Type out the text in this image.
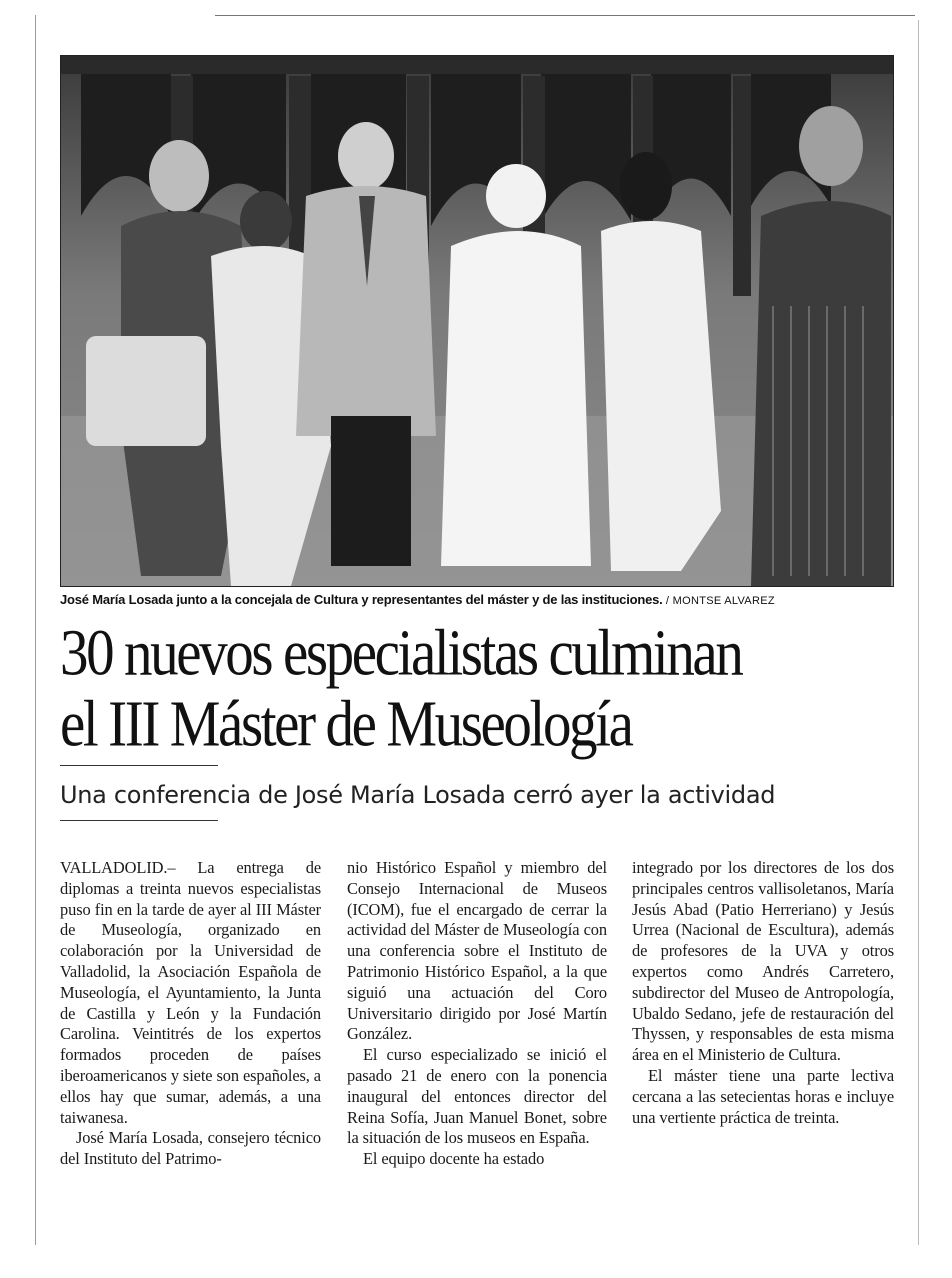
José María Losada junto a la concejala de Cultura y representantes del máster y de las instituciones. / MONTSE ALVAREZ
30 nuevos especialistas culminan
el III Máster de Museología
Una conferencia de José María Losada cerró ayer la actividad

VALLADOLID.– La entrega de diplomas a treinta nuevos especialistas puso fin en la tarde de ayer al III Máster de Museología, organizado en colaboración por la Universidad de Valladolid, la Asociación Española de Museología, el Ayuntamiento, la Junta de Castilla y León y la Fundación Carolina. Veintitrés de los expertos formados proceden de países iberoamericanos y siete son españoles, a ellos hay que sumar, además, a una taiwanesa.

José María Losada, consejero técnico del Instituto del Patrimo-

nio Histórico Español y miembro del Consejo Internacional de Museos (ICOM), fue el encargado de cerrar la actividad del Máster de Museología con una conferencia sobre el Instituto de Patrimonio Histórico Español, a la que siguió una actuación del Coro Universitario dirigido por José Martín González.

El curso especializado se inició el pasado 21 de enero con la ponencia inaugural del entonces director del Reina Sofía, Juan Manuel Bonet, sobre la situación de los museos en España.

El equipo docente ha estado

integrado por los directores de los dos principales centros vallisoletanos, María Jesús Abad (Patio Herreriano) y Jesús Urrea (Nacional de Escultura), además de profesores de la UVA y otros expertos como Andrés Carretero, subdirector del Museo de Antropología, Ubaldo Sedano, jefe de restauración del Thyssen, y responsables de esta misma área en el Ministerio de Cultura.

El máster tiene una parte lectiva cercana a las setecientas horas e incluye una vertiente práctica de treinta.
